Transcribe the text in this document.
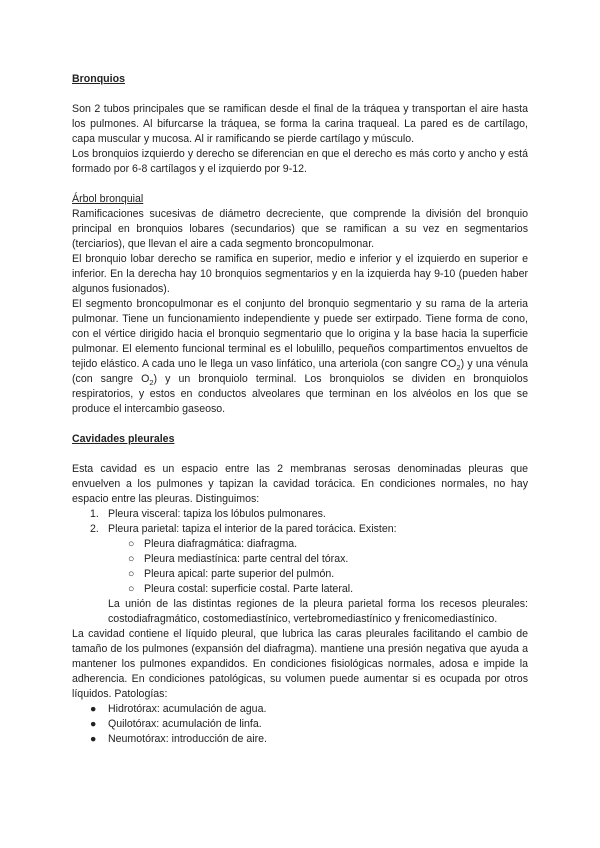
Bronquios

Son 2 tubos principales que se ramifican desde el final de la tráquea y transportan el aire hasta los pulmones. Al bifurcarse la tráquea, se forma la carina traqueal. La pared es de cartílago, capa muscular y mucosa. Al ir ramificando se pierde cartílago y músculo.

Los bronquios izquierdo y derecho se diferencian en que el derecho es más corto y ancho y está formado por 6-8 cartílagos y el izquierdo por 9-12.

Árbol bronquial

Ramificaciones sucesivas de diámetro decreciente, que comprende la división del bronquio principal en bronquios lobares (secundarios) que se ramifican a su vez en segmentarios (terciarios), que llevan el aire a cada segmento broncopulmonar.

El bronquio lobar derecho se ramifica en superior, medio e inferior y el izquierdo en superior e inferior. En la derecha hay 10 bronquios segmentarios y en la izquierda hay 9-10 (pueden haber algunos fusionados).

El segmento broncopulmonar es el conjunto del bronquio segmentario y su rama de la arteria pulmonar. Tiene un funcionamiento independiente y puede ser extirpado. Tiene forma de cono, con el vértice dirigido hacia el bronquio segmentario que lo origina y la base hacia la superficie pulmonar. El elemento funcional terminal es el lobulillo, pequeños compartimentos envueltos de tejido elástico. A cada uno le llega un vaso linfático, una arteriola (con sangre $CO_2$) y una vénula (con sangre $O_2$) y un bronquiolo terminal. Los bronquiolos se dividen en bronquiolos respiratorios, y estos en conductos alveolares que terminan en los alvéolos en los que se produce el intercambio gaseoso.

Cavidades pleurales

Esta cavidad es un espacio entre las 2 membranas serosas denominadas pleuras que envuelven a los pulmones y tapizan la cavidad torácica. En condiciones normales, no hay espacio entre las pleuras. Distinguimos:

1. Pleura visceral: tapiza los lóbulos pulmonares.
2. Pleura parietal: tapiza el interior de la pared torácica. Existen:
○ Pleura diafragmática: diafragma.
○ Pleura mediastínica: parte central del tórax.
○ Pleura apical: parte superior del pulmón.
○ Pleura costal: superficie costal. Parte lateral.

La unión de las distintas regiones de la pleura parietal forma los recesos pleurales: costodiafragmático, costomediastínico, vertebromediastínico y frenicomediastínico.

La cavidad contiene el líquido pleural, que lubrica las caras pleurales facilitando el cambio de tamaño de los pulmones (expansión del diafragma). mantiene una presión negativa que ayuda a mantener los pulmones expandidos. En condiciones fisiológicas normales, adosa e impide la adherencia. En condiciones patológicas, su volumen puede aumentar si es ocupada por otros líquidos. Patologías:

● Hidrotórax: acumulación de agua.
● Quilotórax: acumulación de linfa.
● Neumotórax: introducción de aire.
